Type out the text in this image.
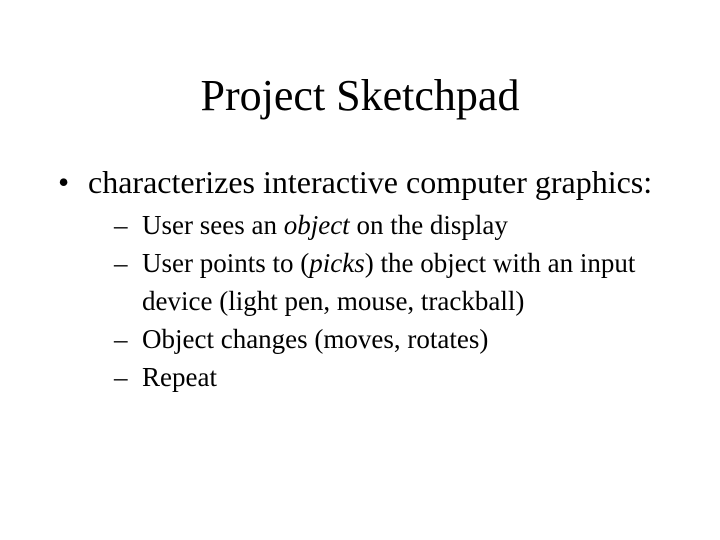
Project Sketchpad
• characterizes interactive computer graphics:
– User sees an object on the display
– User points to (picks) the object with an input
device (light pen, mouse, trackball)
– Object changes (moves, rotates)
– Repeat
